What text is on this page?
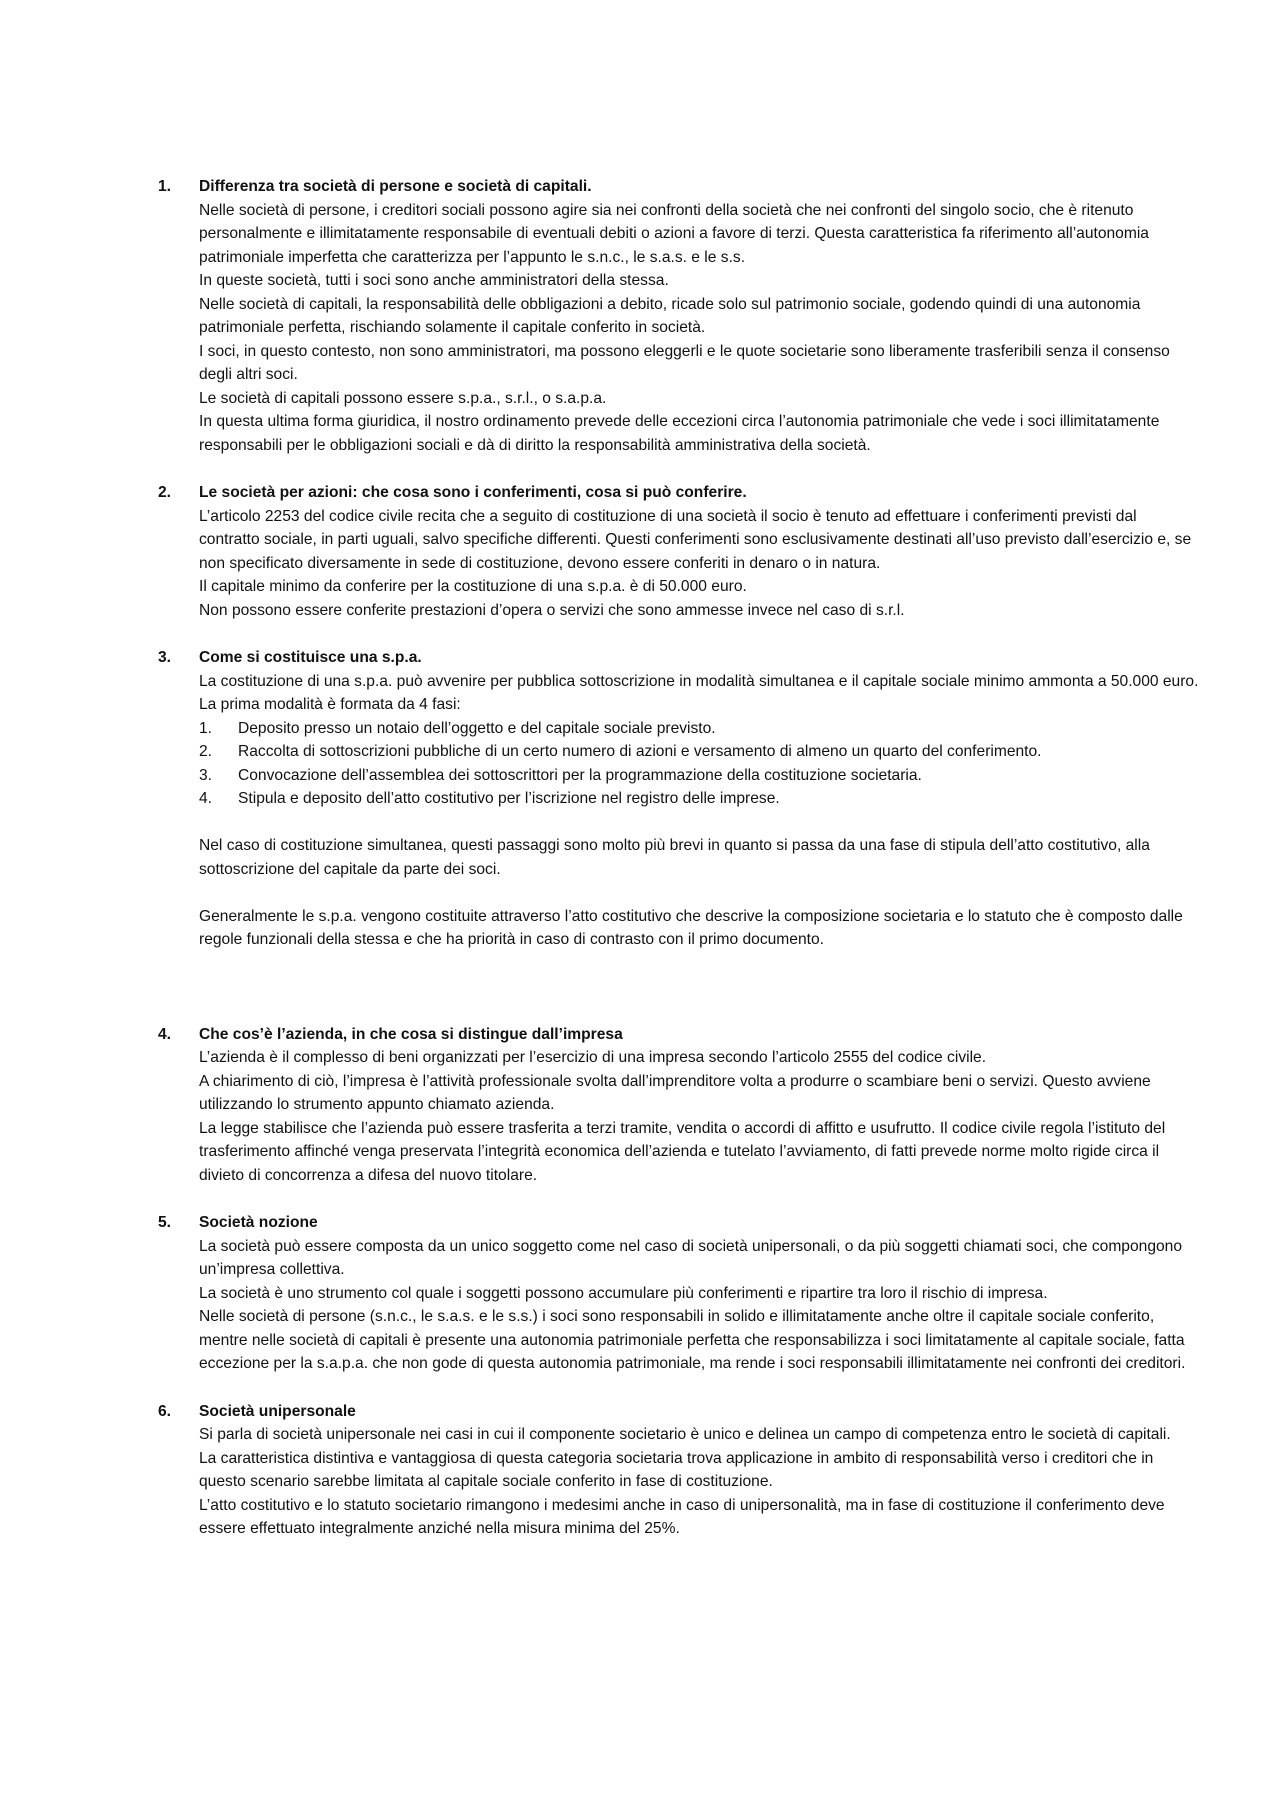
1. Differenza tra società di persone e società di capitali.

Nelle società di persone, i creditori sociali possono agire sia nei confronti della società che nei confronti del singolo socio, che è ritenuto personalmente e illimitatamente responsabile di eventuali debiti o azioni a favore di terzi. Questa caratteristica fa riferimento all’autonomia patrimoniale imperfetta che caratterizza per l’appunto le s.n.c., le s.a.s. e le s.s.

In queste società, tutti i soci sono anche amministratori della stessa.

Nelle società di capitali, la responsabilità delle obbligazioni a debito, ricade solo sul patrimonio sociale, godendo quindi di una autonomia patrimoniale perfetta, rischiando solamente il capitale conferito in società.

I soci, in questo contesto, non sono amministratori, ma possono eleggerli e le quote societarie sono liberamente trasferibili senza il consenso degli altri soci.

Le società di capitali possono essere s.p.a., s.r.l., o s.a.p.a.

In questa ultima forma giuridica, il nostro ordinamento prevede delle eccezioni circa l’autonomia patrimoniale che vede i soci illimitatamente responsabili per le obbligazioni sociali e dà di diritto la responsabilità amministrativa della società.

2. Le società per azioni: che cosa sono i conferimenti, cosa si può conferire.

L’articolo 2253 del codice civile recita che a seguito di costituzione di una società il socio è tenuto ad effettuare i conferimenti previsti dal contratto sociale, in parti uguali, salvo specifiche differenti. Questi conferimenti sono esclusivamente destinati all’uso previsto dall’esercizio e, se non specificato diversamente in sede di costituzione, devono essere conferiti in denaro o in natura.

Il capitale minimo da conferire per la costituzione di una s.p.a. è di 50.000 euro.

Non possono essere conferite prestazioni d’opera o servizi che sono ammesse invece nel caso di s.r.l.

3. Come si costituisce una s.p.a.

La costituzione di una s.p.a. può avvenire per pubblica sottoscrizione in modalità simultanea e il capitale sociale minimo ammonta a 50.000 euro.

La prima modalità è formata da 4 fasi:

1. Deposito presso un notaio dell’oggetto e del capitale sociale previsto.
2. Raccolta di sottoscrizioni pubbliche di un certo numero di azioni e versamento di almeno un quarto del conferimento.
3. Convocazione dell’assemblea dei sottoscrittori per la programmazione della costituzione societaria.
4. Stipula e deposito dell’atto costitutivo per l’iscrizione nel registro delle imprese.

Nel caso di costituzione simultanea, questi passaggi sono molto più brevi in quanto si passa da una fase di stipula dell’atto costitutivo, alla sottoscrizione del capitale da parte dei soci.

Generalmente le s.p.a. vengono costituite attraverso l’atto costitutivo che descrive la composizione societaria e lo statuto che è composto dalle regole funzionali della stessa e che ha priorità in caso di contrasto con il primo documento.

4. Che cos’è l’azienda, in che cosa si distingue dall’impresa

L’azienda è il complesso di beni organizzati per l’esercizio di una impresa secondo l’articolo 2555 del codice civile.

A chiarimento di ciò, l’impresa è l’attività professionale svolta dall’imprenditore volta a produrre o scambiare beni o servizi. Questo avviene utilizzando lo strumento appunto chiamato azienda.

La legge stabilisce che l’azienda può essere trasferita a terzi tramite, vendita o accordi di affitto e usufrutto. Il codice civile regola l’istituto del trasferimento affinché venga preservata l’integrità economica dell’azienda e tutelato l’avviamento, di fatti prevede norme molto rigide circa il divieto di concorrenza a difesa del nuovo titolare.

5. Società nozione

La società può essere composta da un unico soggetto come nel caso di società unipersonali, o da più soggetti chiamati soci, che compongono un’impresa collettiva.

La società è uno strumento col quale i soggetti possono accumulare più conferimenti e ripartire tra loro il rischio di impresa.

Nelle società di persone (s.n.c., le s.a.s. e le s.s.) i soci sono responsabili in solido e illimitatamente anche oltre il capitale sociale conferito, mentre nelle società di capitali è presente una autonomia patrimoniale perfetta che responsabilizza i soci limitatamente al capitale sociale, fatta eccezione per la s.a.p.a. che non gode di questa autonomia patrimoniale, ma rende i soci responsabili illimitatamente nei confronti dei creditori.

6. Società unipersonale

Si parla di società unipersonale nei casi in cui il componente societario è unico e delinea un campo di competenza entro le società di capitali.

La caratteristica distintiva e vantaggiosa di questa categoria societaria trova applicazione in ambito di responsabilità verso i creditori che in questo scenario sarebbe limitata al capitale sociale conferito in fase di costituzione.

L’atto costitutivo e lo statuto societario rimangono i medesimi anche in caso di unipersonalità, ma in fase di costituzione il conferimento deve essere effettuato integralmente anziché nella misura minima del 25%.
